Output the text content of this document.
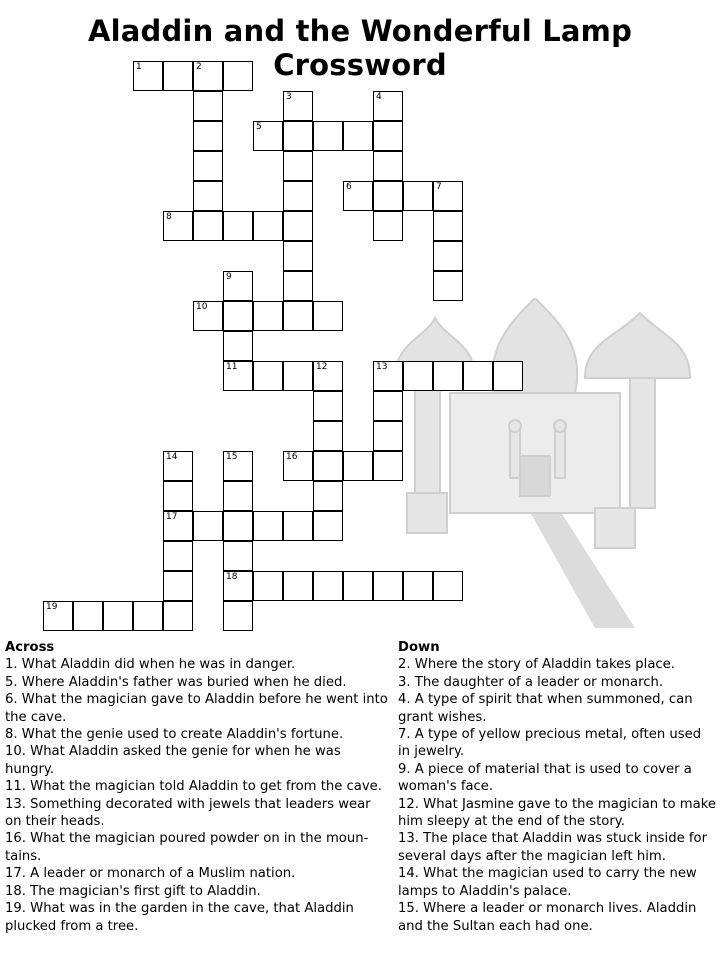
Aladdin and the Wonderful Lamp Crossword
1	2
3	4
5
6	7
8
9
10
11	12	13
14	15	16
17
18
19
Across

1. What Aladdin did when he was in danger.

5. Where Aladdin's father was buried when he died.

6. What the magician gave to Aladdin before he went into the cave.

8. What the genie used to create Aladdin's fortune.

10. What Aladdin asked the genie for when he was hungry.

11. What the magician told Aladdin to get from the cave.

13. Something decorated with jewels that leaders wear on their heads.

16. What the magician poured powder on in the moun-tains.

17. A leader or monarch of a Muslim nation.

18. The magician's first gift to Aladdin.

19. What was in the garden in the cave, that Aladdin plucked from a tree.

Down

2. Where the story of Aladdin takes place.

3. The daughter of a leader or monarch.

4. A type of spirit that when summoned, can grant wishes.

7. A type of yellow precious metal, often used in jewelry.

9. A piece of material that is used to cover a woman's face.

12. What Jasmine gave to the magician to make him sleepy at the end of the story.

13. The place that Aladdin was stuck inside for several days after the magician left him.

14. What the magician used to carry the new lamps to Aladdin's palace.

15. Where a leader or monarch lives. Aladdin and the Sultan each had one.
